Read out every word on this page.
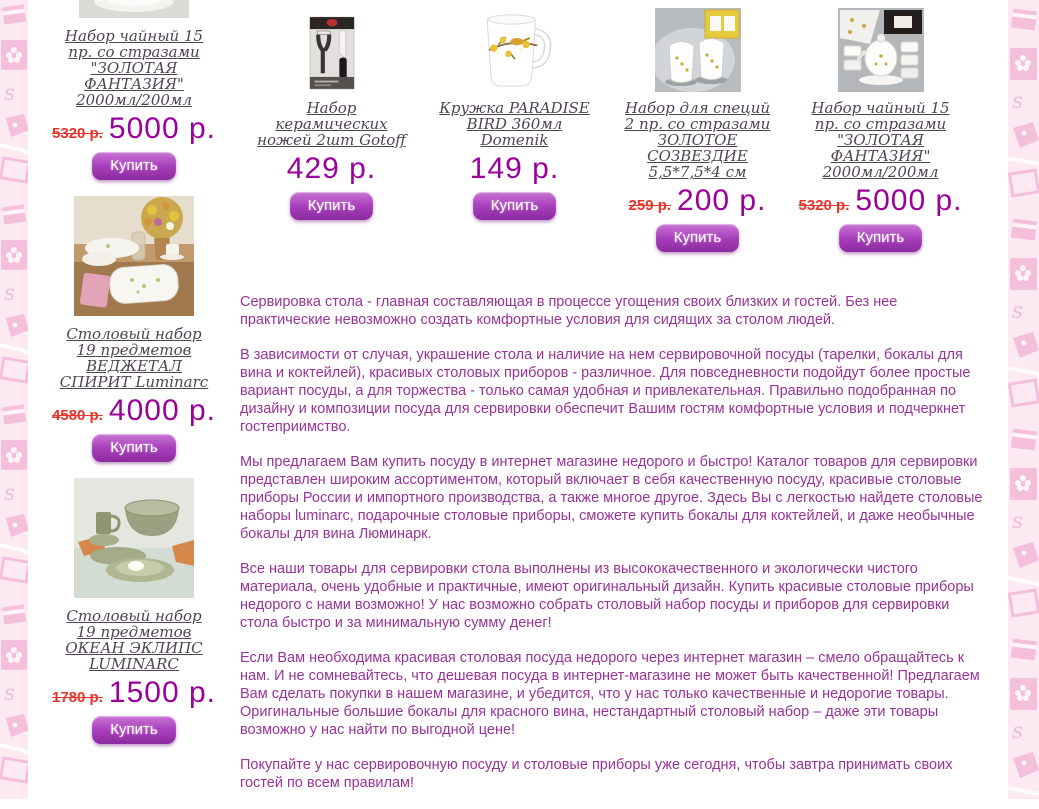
Набор чайный 15 пр. со стразами "ЗОЛОТАЯ ФАНТАЗИЯ" 2000мл/200мл
5320 р. 5000 р.
Купить
Столовый набор 19 предметов ВЕДЖЕТАЛ СПИРИТ Luminarc
4580 р. 4000 р.
Купить
Столовый набор 19 предметов ОКЕАН ЭКЛИПС LUMINARC
1780 р. 1500 р.
Купить
Набор керамических ножей 2шт Gotoff
429 р.
Купить
Кружка PARADISE BIRD 360мл Domenik
149 р.
Купить
Набор для специй 2 пр. со стразами ЗОЛОТОЕ СОЗВЕЗДИЕ 5,5*7,5*4 см
259 р. 200 р.
Купить
Набор чайный 15 пр. со стразами "ЗОЛОТАЯ ФАНТАЗИЯ" 2000мл/200мл
5320 р. 5000 р.
Купить

Сервировка стола - главная составляющая в процессе угощения своих близких и гостей. Без нее практические невозможно создать комфортные условия для сидящих за столом людей.

В зависимости от случая, украшение стола и наличие на нем сервировочной посуды (тарелки, бокалы для вина и коктейлей), красивых столовых приборов - различное. Для повседневности подойдут более простые вариант посуды, а для торжества - только самая удобная и привлекательная. Правильно подобранная по дизайну и композиции посуда для сервировки обеспечит Вашим гостям комфортные условия и подчеркнет гостеприимство.

Мы предлагаем Вам купить посуду в интернет магазине недорого и быстро! Каталог товаров для сервировки представлен широким ассортиментом, который включает в себя качественную посуду, красивые столовые приборы России и импортного производства, а также многое другое. Здесь Вы с легкостью найдете столовые наборы luminarc, подарочные столовые приборы, сможете купить бокалы для коктейлей, и даже необычные бокалы для вина Люминарк.

Все наши товары для сервировки стола выполнены из высококачественного и экологически чистого материала, очень удобные и практичные, имеют оригинальный дизайн. Купить красивые столовые приборы недорого с нами возможно! У нас возможно собрать столовый набор посуды и приборов для сервировки стола быстро и за минимальную сумму денег!

Если Вам необходима красивая столовая посуда недорого через интернет магазин – смело обращайтесь к нам. И не сомневайтесь, что дешевая посуда в интернет-магазине не может быть качественной! Предлагаем Вам сделать покупки в нашем магазине, и убедится, что у нас только качественные и недорогие товары. Оригинальные большие бокалы для красного вина, нестандартный столовый набор – даже эти товары возможно у нас найти по выгодной цене!

Покупайте у нас сервировочную посуду и столовые приборы уже сегодня, чтобы завтра принимать своих гостей по всем правилам!
